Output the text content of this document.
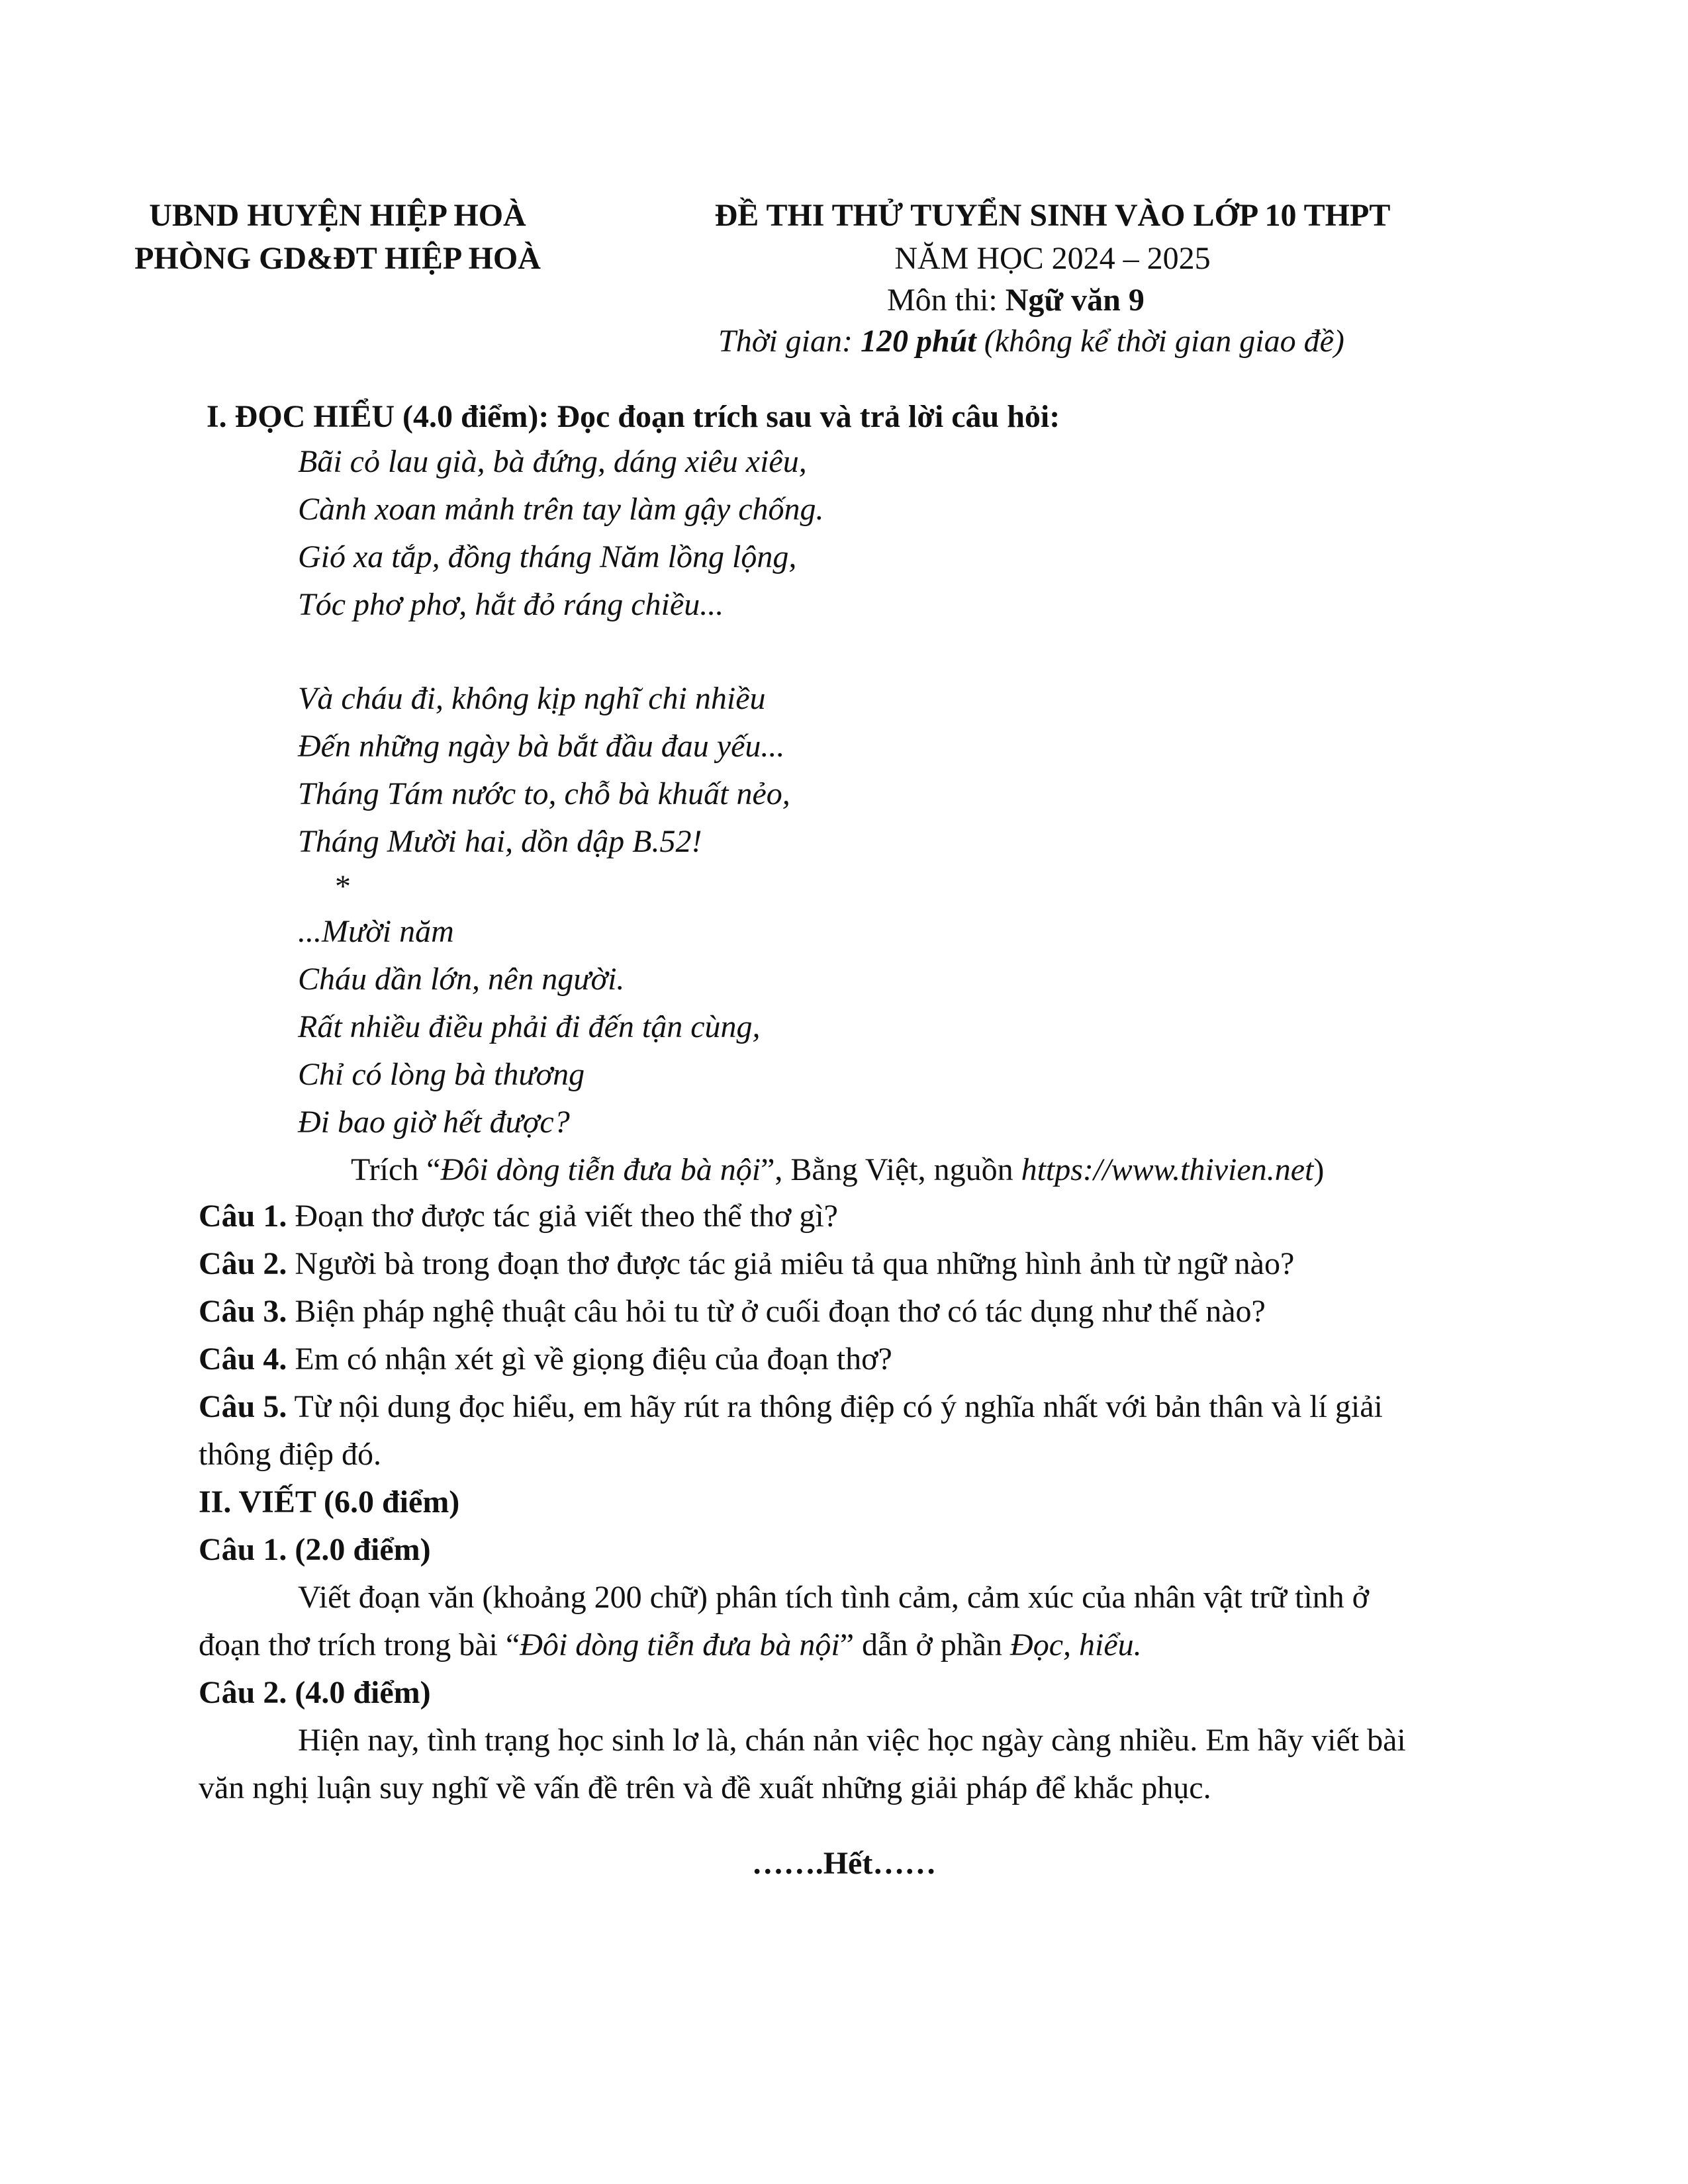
UBND HUYỆN HIỆP HOÀ
PHÒNG GD&ĐT HIỆP HOÀ
ĐỀ THI THỬ TUYỂN SINH VÀO LỚP 10 THPT
NĂM HỌC 2024 – 2025
Môn thi: Ngữ văn 9
Thời gian: 120 phút (không kể thời gian giao đề)
I. ĐỌC HIỂU (4.0 điểm): Đọc đoạn trích sau và trả lời câu hỏi:
Bãi cỏ lau già, bà đứng, dáng xiêu xiêu,
Cành xoan mảnh trên tay làm gậy chống.
Gió xa tắp, đồng tháng Năm lồng lộng,
Tóc phơ phơ, hắt đỏ ráng chiều...
Và cháu đi, không kịp nghĩ chi nhiều
Đến những ngày bà bắt đầu đau yếu...
Tháng Tám nước to, chỗ bà khuất nẻo,
Tháng Mười hai, dồn dập B.52!
*
...Mười năm
Cháu dần lớn, nên người.
Rất nhiều điều phải đi đến tận cùng,
Chỉ có lòng bà thương
Đi bao giờ hết được?
Trích “Đôi dòng tiễn đưa bà nội”, Bằng Việt, nguồn https://www.thivien.net)
Câu 1. Đoạn thơ được tác giả viết theo thể thơ gì?
Câu 2. Người bà trong đoạn thơ được tác giả miêu tả qua những hình ảnh từ ngữ nào?
Câu 3. Biện pháp nghệ thuật câu hỏi tu từ ở cuối đoạn thơ có tác dụng như thế nào?
Câu 4. Em có nhận xét gì về giọng điệu của đoạn thơ?
Câu 5. Từ nội dung đọc hiểu, em hãy rút ra thông điệp có ý nghĩa nhất với bản thân và lí giải
thông điệp đó.
II. VIẾT (6.0 điểm)
Câu 1. (2.0 điểm)
Viết đoạn văn (khoảng 200 chữ) phân tích tình cảm, cảm xúc của nhân vật trữ tình ở
đoạn thơ trích trong bài “Đôi dòng tiễn đưa bà nội” dẫn ở phần Đọc, hiểu.
Câu 2. (4.0 điểm)
Hiện nay, tình trạng học sinh lơ là, chán nản việc học ngày càng nhiều. Em hãy viết bài
văn nghị luận suy nghĩ về vấn đề trên và đề xuất những giải pháp để khắc phục.
…….Hết……
